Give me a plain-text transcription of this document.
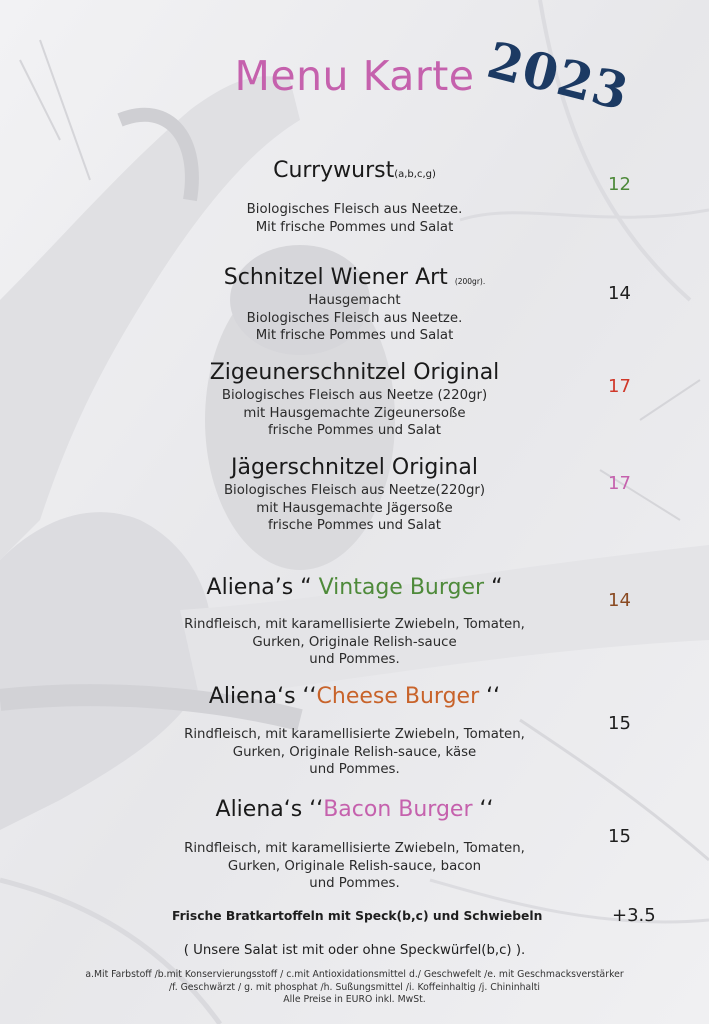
Menu Karte 2023
Currywurst(a,b,c,g)
Biologisches Fleisch aus Neetze.
Mit frische Pommes und Salat
12
Schnitzel Wiener Art (200gr).
Hausgemacht
Biologisches Fleisch aus Neetze.
Mit frische Pommes und Salat
14
Zigeunerschnitzel Original
Biologisches Fleisch aus Neetze (220gr)
mit Hausgemachte Zigeunersoße
frische Pommes und Salat
17
Jägerschnitzel Original
Biologisches Fleisch aus Neetze(220gr)
mit Hausgemachte Jägersoße
frische Pommes und Salat
17
Aliena’s “ Vintage Burger “
Rindfleisch, mit karamellisierte Zwiebeln, Tomaten,
Gurken, Originale Relish-sauce
und Pommes.
14
Aliena‘s ‘‘Cheese Burger ‘‘
Rindfleisch, mit karamellisierte Zwiebeln, Tomaten,
Gurken, Originale Relish-sauce, käse
und Pommes.
15
Aliena‘s ‘‘Bacon Burger ‘‘
Rindfleisch, mit karamellisierte Zwiebeln, Tomaten,
Gurken, Originale Relish-sauce, bacon
und Pommes.
15
Frische Bratkartoffeln mit Speck(b,c) und Schwiebeln	+3.5
( Unsere Salat ist mit oder ohne Speckwürfel(b,c) ).
a.Mit Farbstoff /b.mit Konservierungsstoff / c.mit Antioxidationsmittel d./ Geschwefelt /e. mit Geschmacksverstärker
/f. Geschwärzt / g. mit phosphat /h. Sußungsmittel /i. Koffeinhaltig /j. Chininhalti
Alle Preise in EURO inkl. MwSt.
